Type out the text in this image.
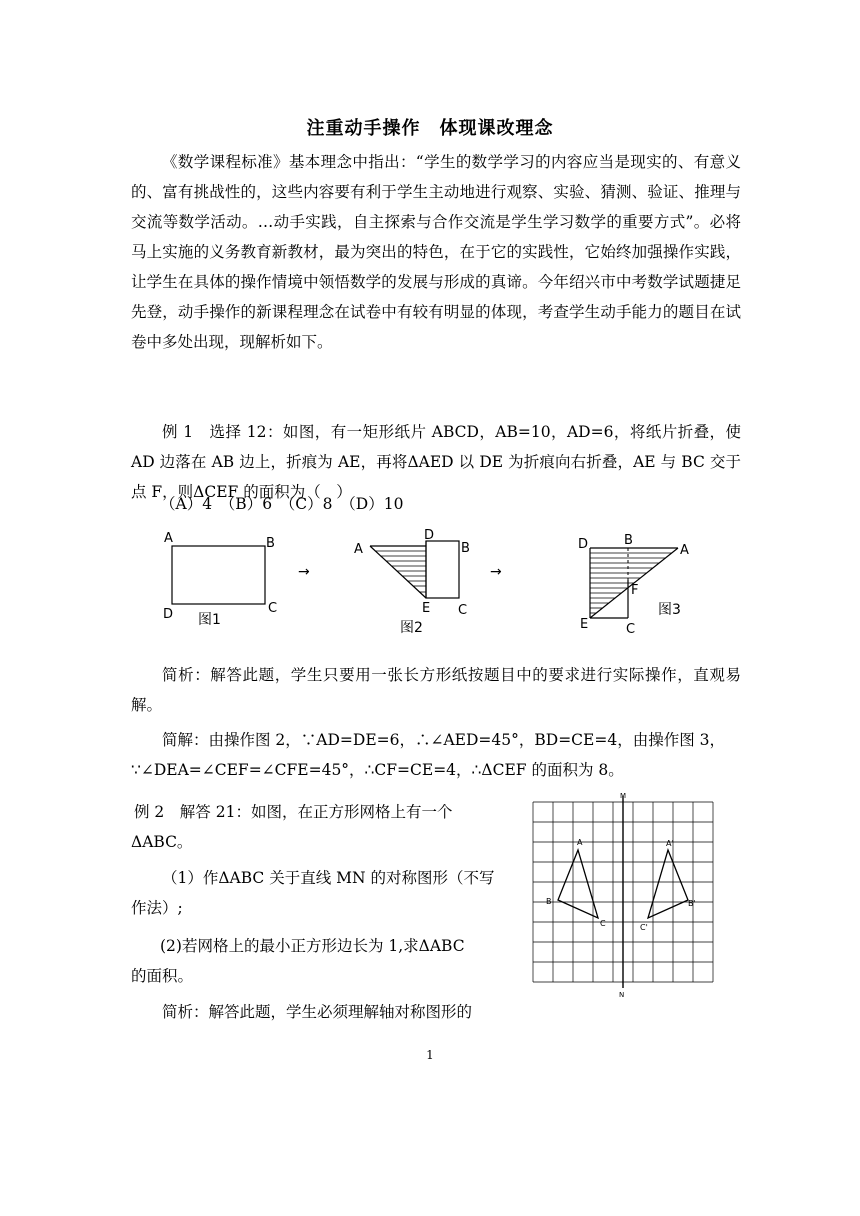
注重动手操作　体现课改理念
《数学课程标准》基本理念中指出：“学生的数学学习的内容应当是现实的、有意义的、富有挑战性的，这些内容要有利于学生主动地进行观察、实验、猜测、验证、推理与交流等数学活动。…动手实践，自主探索与合作交流是学生学习数学的重要方式”。必将马上实施的义务教育新教材，最为突出的特色，在于它的实践性，它始终加强操作实践，让学生在具体的操作情境中领悟数学的发展与形成的真谛。今年绍兴市中考数学试题捷足先登，动手操作的新课程理念在试卷中有较有明显的体现，考查学生动手能力的题目在试卷中多处出现，现解析如下。
例 1　选择 12：如图，有一矩形纸片 ABCD，AB=10，AD=6，将纸片折叠，使AD 边落在 AB 边上，折痕为 AE，再将ΔAED 以 DE 为折痕向右折叠，AE 与 BC 交于点 F，则ΔCEF 的面积为（　）
（A）4　（B）6　（C）8　（D）10
A	B
C
D 图1
→
A
D
B
E C
图2
→
D	B
A
F
E	C
图3
简析：解答此题，学生只要用一张长方形纸按题目中的要求进行实际操作，直观易解。
简解：由操作图 2，∵AD=DE=6，∴∠AED=45°，BD=CE=4，由操作图 3，
∵∠DEA=∠CEF=∠CFE=45°，∴CF=CE=4，∴ΔCEF 的面积为 8。
例 2　解答 21：如图，在正方形网格上有一个
ΔABC。
（1）作ΔABC 关于直线 MN 的对称图形（不写
作法）;
(2)若网格上的最小正方形边长为 1,求ΔABC
的面积。
简析：解答此题，学生必须理解轴对称图形的
M
N
A
B
C
A'
B'
C'
1
